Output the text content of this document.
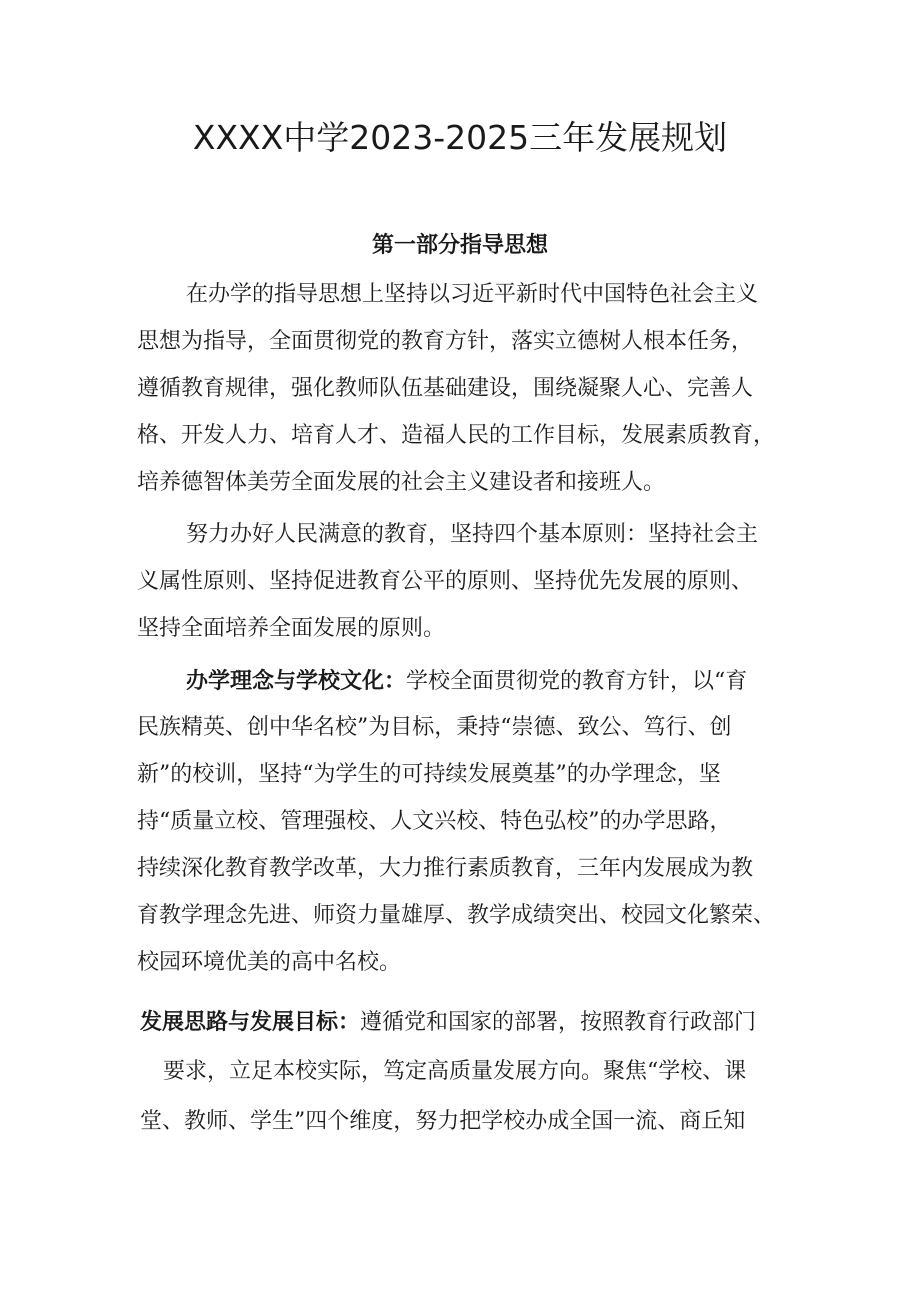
XXXX中学2023-2025三年发展规划
第一部分指导思想
在办学的指导思想上坚持以习近平新时代中国特色社会主义
思想为指导，全面贯彻党的教育方针，落实立德树人根本任务，
遵循教育规律，强化教师队伍基础建设，围绕凝聚人心、完善人
格、开发人力、培育人才、造福人民的工作目标，发展素质教育，
培养德智体美劳全面发展的社会主义建设者和接班人。
努力办好人民满意的教育，坚持四个基本原则：坚持社会主
义属性原则、坚持促进教育公平的原则、坚持优先发展的原则、
坚持全面培养全面发展的原则。
办学理念与学校文化：学校全面贯彻党的教育方针，以“育
民族精英、创中华名校”为目标，秉持“崇德、致公、笃行、创
新”的校训，坚持“为学生的可持续发展奠基”的办学理念，坚
持“质量立校、管理强校、人文兴校、特色弘校”的办学思路，
持续深化教育教学改革，大力推行素质教育，三年内发展成为教
育教学理念先进、师资力量雄厚、教学成绩突出、校园文化繁荣、
校园环境优美的高中名校。
发展思路与发展目标：遵循党和国家的部署，按照教育行政部门
要求，立足本校实际，笃定高质量发展方向。聚焦“学校、课
堂、教师、学生”四个维度，努力把学校办成全国一流、商丘知
